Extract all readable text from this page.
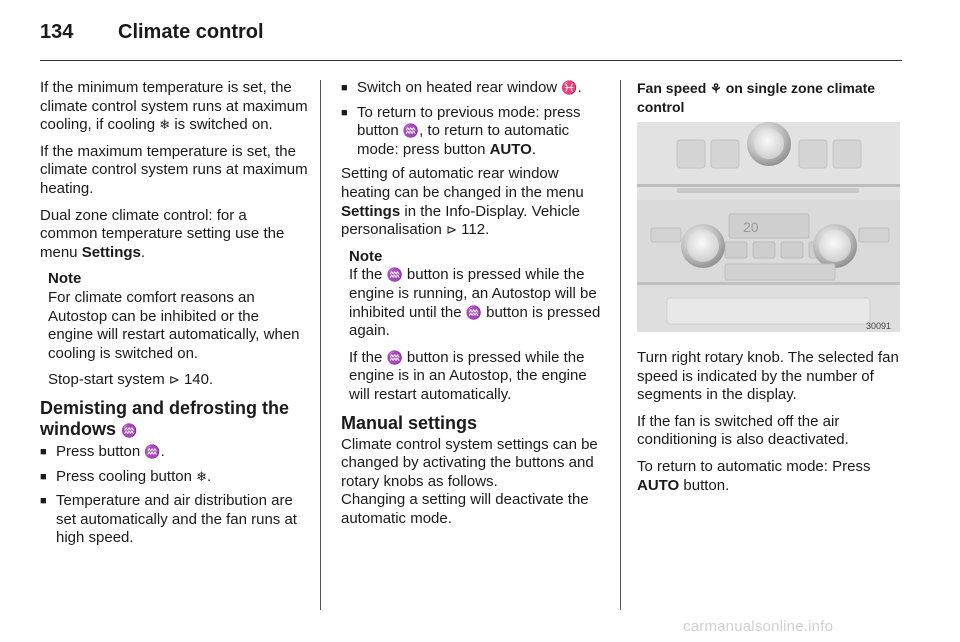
134 Climate control

If the minimum temperature is set, the climate control system runs at maximum cooling, if cooling ❄ is switched on.

If the maximum temperature is set, the climate control system runs at maximum heating.

Dual zone climate control: for a common temperature setting use the menu Settings.

Note

For climate comfort reasons an Autostop can be inhibited or the engine will restart automatically, when cooling is switched on.

Stop-start system ⊳ 140.

Demisting and defrosting the windows ♒
■ Press button ♒.
■ Press cooling button ❄.
■ Temperature and air distribution are set automatically and the fan runs at high speed.
■ Switch on heated rear window ♓.
■ To return to previous mode: press button ♒, to return to automatic mode: press button AUTO.

Setting of automatic rear window heating can be changed in the menu Settings in the Info-Display. Vehicle personalisation ⊳ 112.

Note

If the ♒ button is pressed while the engine is running, an Autostop will be inhibited until the ♒ button is pressed again.

If the ♒ button is pressed while the engine is in an Autostop, the engine will restart automatically.

Manual settings

Climate control system settings can be changed by activating the buttons and rotary knobs as follows.

Changing a setting will deactivate the automatic mode.

Fan speed ⚘ on single zone climate control
20
30091

Turn right rotary knob. The selected fan speed is indicated by the number of segments in the display.

If the fan is switched off the air conditioning is also deactivated.

To return to automatic mode: Press AUTO button.

carmanualsonline.info
